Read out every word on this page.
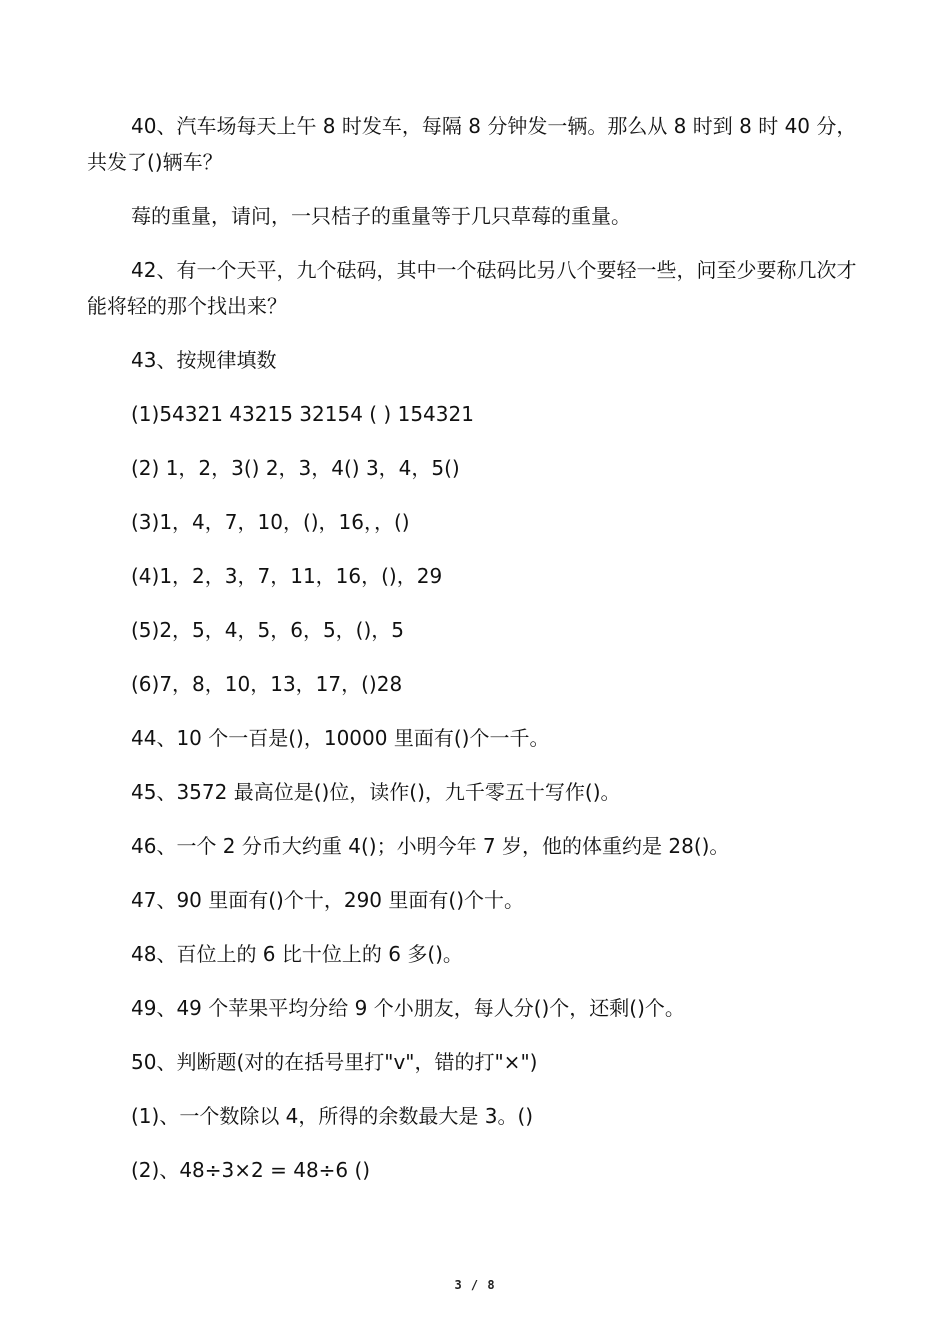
40、汽车场每天上午 8 时发车，每隔 8 分钟发一辆。那么从 8 时到 8 时 40 分，共发了()辆车？

莓的重量，请问，一只桔子的重量等于几只草莓的重量。

42、有一个天平，九个砝码，其中一个砝码比另八个要轻一些，问至少要称几次才能将轻的那个找出来？

43、按规律填数

(1)54321 43215 32154 ( ) 154321

(2) 1，2，3() 2，3，4() 3，4，5()

(3)1，4，7，10，()，16，，()

(4)1，2，3，7，11，16，()，29

(5)2，5，4，5，6，5，()，5

(6)7，8，10，13，17，()28

44、10 个一百是()，10000 里面有()个一千。

45、3572 最高位是()位，读作()，九千零五十写作()。

46、一个 2 分币大约重 4()；小明今年 7 岁，他的体重约是 28()。

47、90 里面有()个十，290 里面有()个十。

48、百位上的 6 比十位上的 6 多()。

49、49 个苹果平均分给 9 个小朋友，每人分()个，还剩()个。

50、判断题(对的在括号里打"v"，错的打"×")

(1)、一个数除以 4，所得的余数最大是 3。()

(2)、48÷3×2 = 48÷6 ()

3 / 8
